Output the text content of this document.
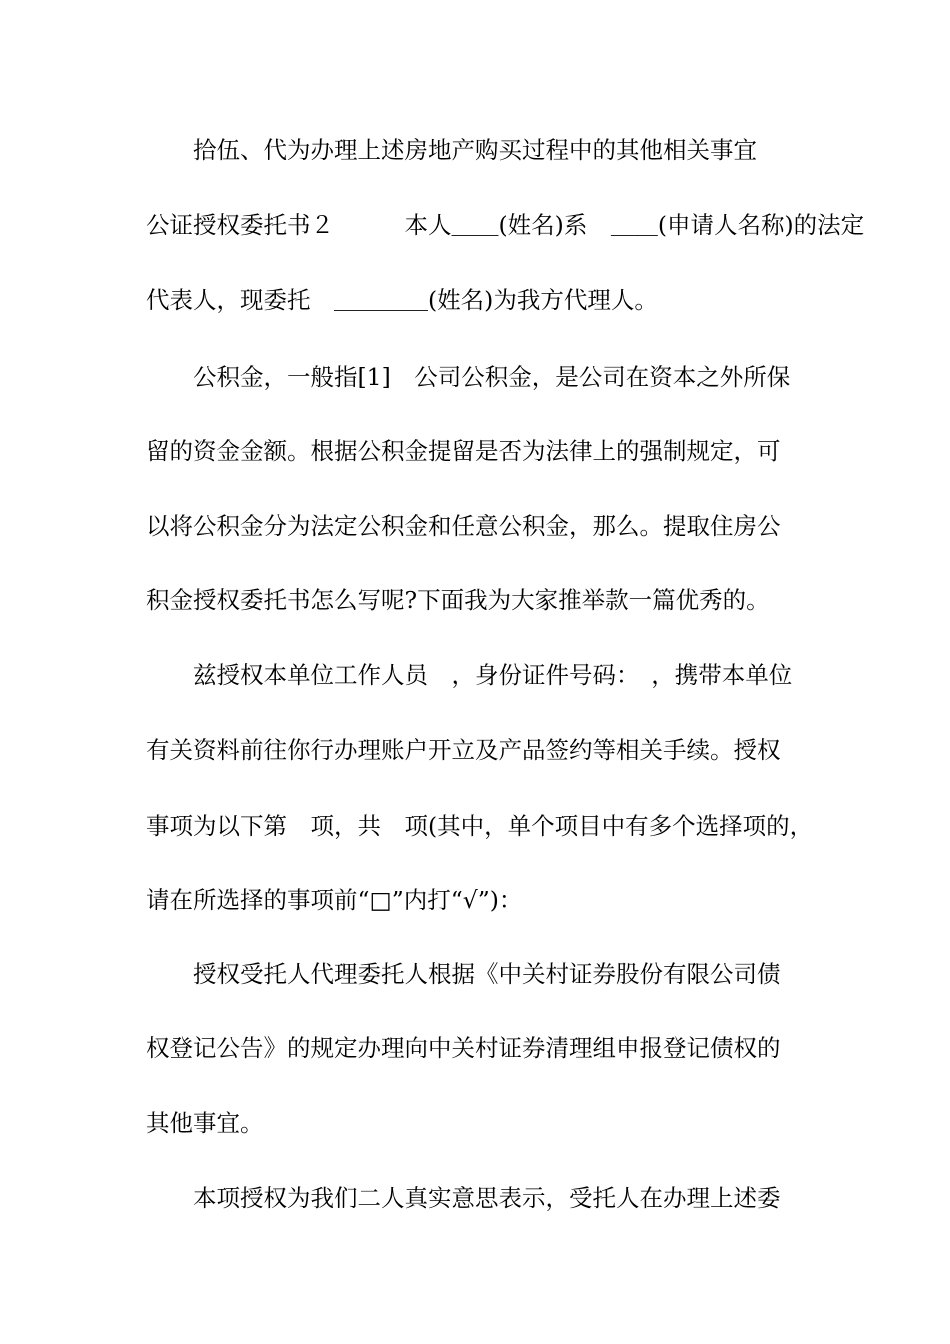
拾伍、代为办理上述房地产购买过程中的其他相关事宜
公证授权委托书２　　　本人＿＿(姓名)系　＿＿(申请人名称)的法定
代表人，现委托　＿＿＿＿(姓名)为我方代理人。
公积金，一般指[1]　公司公积金，是公司在资本之外所保
留的资金金额。根据公积金提留是否为法律上的强制规定，可
以将公积金分为法定公积金和任意公积金，那么。提取住房公
积金授权委托书怎么写呢?下面我为大家推举款一篇优秀的。
兹授权本单位工作人员　，身份证件号码：　，携带本单位
有关资料前往你行办理账户开立及产品签约等相关手续。授权
事项为以下第　项，共　项(其中，单个项目中有多个选择项的，
请在所选择的事项前“□”内打“√”)：
授权受托人代理委托人根据《中关村证券股份有限公司债
权登记公告》的规定办理向中关村证券清理组申报登记债权的
其他事宜。
本项授权为我们二人真实意思表示，受托人在办理上述委
